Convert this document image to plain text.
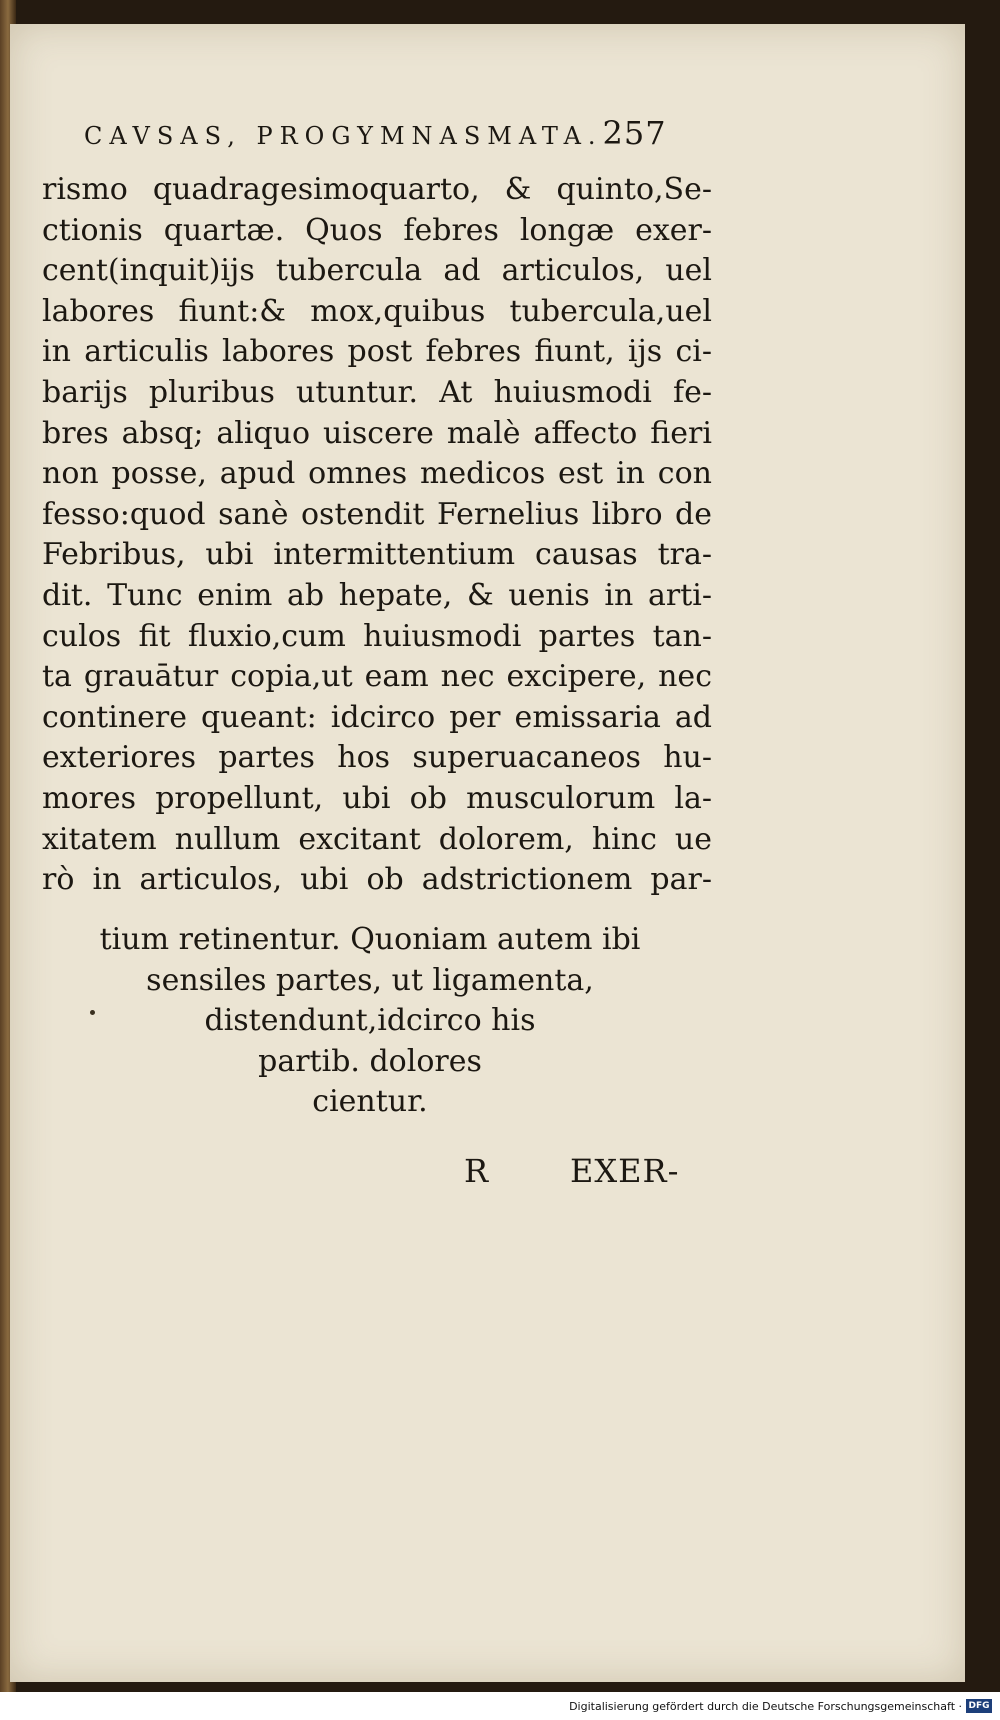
CAVSAS, PROGYMNASMATA.257
rismo quadragesimoquarto, & quinto,Se-
ctionis quartæ. Quos febres longæ exer-
cent(inquit)ijs tubercula ad articulos, uel
labores fiunt:& mox,quibus tubercula,uel
in articulis labores post febres fiunt, ijs ci-
barijs pluribus utuntur. At huiusmodi fe-
bres absq; aliquo uiscere malè affecto fieri
non posse, apud omnes medicos est in con
fesso:quod sanè ostendit Fernelius libro de
Febribus, ubi intermittentium causas tra-
dit. Tunc enim ab hepate, & uenis in arti-
culos fit fluxio,cum huiusmodi partes tan-
ta grauātur copia,ut eam nec excipere, nec
continere queant: idcirco per emissaria ad
exteriores partes hos superuacaneos hu-
mores propellunt, ubi ob musculorum la-
xitatem nullum excitant dolorem, hinc ue
rò in articulos, ubi ob adstrictionem par-
tium retinentur. Quoniam autem ibi
sensiles partes, ut ligamenta,
distendunt,idcirco his
partib. dolores
cientur.
R	EXER-
Digitalisierung gefördert durch die Deutsche Forschungsgemeinschaft · DFG
